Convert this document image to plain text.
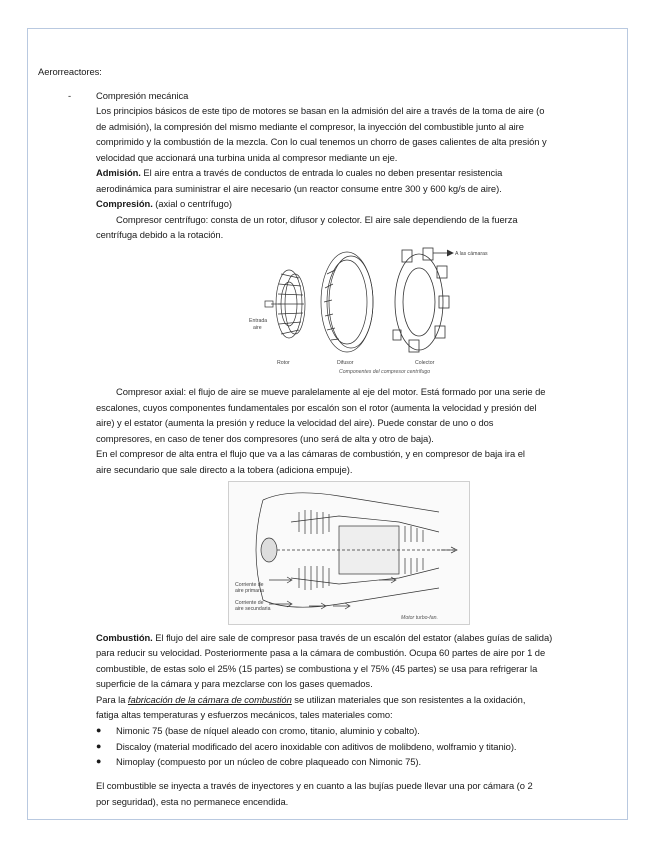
Aerorreactores:
-	Compresión mecánica
Los principios básicos de este tipo de motores se basan en la admisión del aire a través de la toma de aire (o
de admisión), la compresión del mismo mediante el compresor, la inyección del combustible junto al aire
comprimido y la combustión de la mezcla. Con lo cual tenemos un chorro de gases calientes de alta presión y
velocidad que accionará una turbina unida al compresor mediante un eje.
Admisión. El aire entra a través de conductos de entrada lo cuales no deben presentar resistencia
aerodinámica para suministrar el aire necesario (un reactor consume entre 300 y 600 kg/s de aire).
Compresión. (axial o centrífugo)
Compresor centrífugo: consta de un rotor, difusor y colector. El aire sale dependiendo de la fuerza
centrífuga debido a la rotación.
A las cámaras
Entrada
aire
Rotor	Difusor	Colector
Componentes del compresor centrífugo
Compresor axial: el flujo de aire se mueve paralelamente al eje del motor. Está formado por una serie de
escalones, cuyos componentes fundamentales por escalón son el rotor (aumenta la velocidad y presión del
aire) y el estator (aumenta la presión y reduce la velocidad del aire). Puede constar de uno o dos
compresores, en caso de tener dos compresores (uno será de alta y otro de baja).
En el compresor de alta entra el flujo que va a las cámaras de combustión, y en compresor de baja ira el
aire secundario que sale directo a la tobera (adiciona empuje).
Corriente de
aire primaria
Corriente de
aire secundaria
Motor turbo-fan.
Combustión. El flujo del aire sale de compresor pasa través de un escalón del estator (alabes guías de salida)
para reducir su velocidad. Posteriormente pasa a la cámara de combustión. Ocupa 60 partes de aire por 1 de
combustible, de estas solo el 25% (15 partes) se combustiona y el 75% (45 partes) se usa para refrigerar la
superficie de la cámara y para mezclarse con los gases quemados.
Para la fabricación de la cámara de combustión se utilizan materiales que son resistentes a la oxidación,
fatiga altas temperaturas y esfuerzos mecánicos, tales materiales como:
● Nimonic 75 (base de níquel aleado con cromo, titanio, aluminio y cobalto).
● Discaloy (material modificado del acero inoxidable con aditivos de molibdeno, wolframio y titanio).
● Nimoplay (compuesto por un núcleo de cobre plaqueado con Nimonic 75).
El combustible se inyecta a través de inyectores y en cuanto a las bujías puede llevar una por cámara (o 2
por seguridad), esta no permanece encendida.
